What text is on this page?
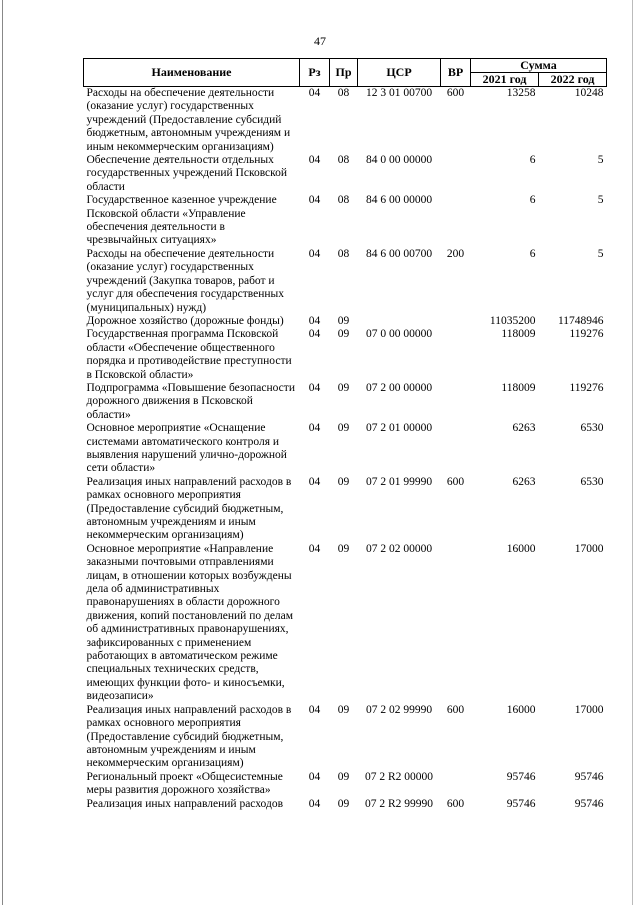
47
Наименование	Рз	Пр	ЦСР	ВР	Сумма	
					2021 год	2022 год
Расходы на обеспечение деятельности (оказание услуг) государственных учреждений (Предоставление субсидий бюджетным, автономным учреждениям и иным некоммерческим организациям)	04	08	12 3 01 00700	600	13258	10248
Обеспечение деятельности отдельных государственных учреждений Псковской области	04	08	84 0 00 00000		6	5
Государственное казенное учреждение Псковской области «Управление обеспечения деятельности в чрезвычайных ситуациях»	04	08	84 6 00 00000		6	5
Расходы на обеспечение деятельности (оказание услуг) государственных учреждений (Закупка товаров, работ и услуг для обеспечения государственных (муниципальных) нужд)	04	08	84 6 00 00700	200	6	5
Дорожное хозяйство (дорожные фонды)	04	09			11035200	11748946
Государственная программа Псковской области «Обеспечение общественного порядка и противодействие преступности в Псковской области»	04	09	07 0 00 00000		118009	119276
Подпрограмма «Повышение безопасности дорожного движения в Псковской области»	04	09	07 2 00 00000		118009	119276
Основное мероприятие «Оснащение системами автоматического контроля и выявления нарушений улично-дорожной сети области»	04	09	07 2 01 00000		6263	6530
Реализация иных направлений расходов в рамках основного мероприятия (Предоставление субсидий бюджетным, автономным учреждениям и иным некоммерческим организациям)	04	09	07 2 01 99990	600	6263	6530
Основное мероприятие «Направление заказными почтовыми отправлениями лицам, в отношении которых возбуждены дела об административных правонарушениях в области дорожного движения, копий постановлений по делам об административных правонарушениях, зафиксированных с применением работающих в автоматическом режиме специальных технических средств, имеющих функции фото- и киносъемки, видеозаписи»	04	09	07 2 02 00000		16000	17000
Реализация иных направлений расходов в рамках основного мероприятия (Предоставление субсидий бюджетным, автономным учреждениям и иным некоммерческим организациям)	04	09	07 2 02 99990	600	16000	17000
Региональный проект «Общесистемные меры развития дорожного хозяйства»	04	09	07 2 R2 00000		95746	95746
Реализация иных направлений расходов	04	09	07 2 R2 99990	600	95746	95746
